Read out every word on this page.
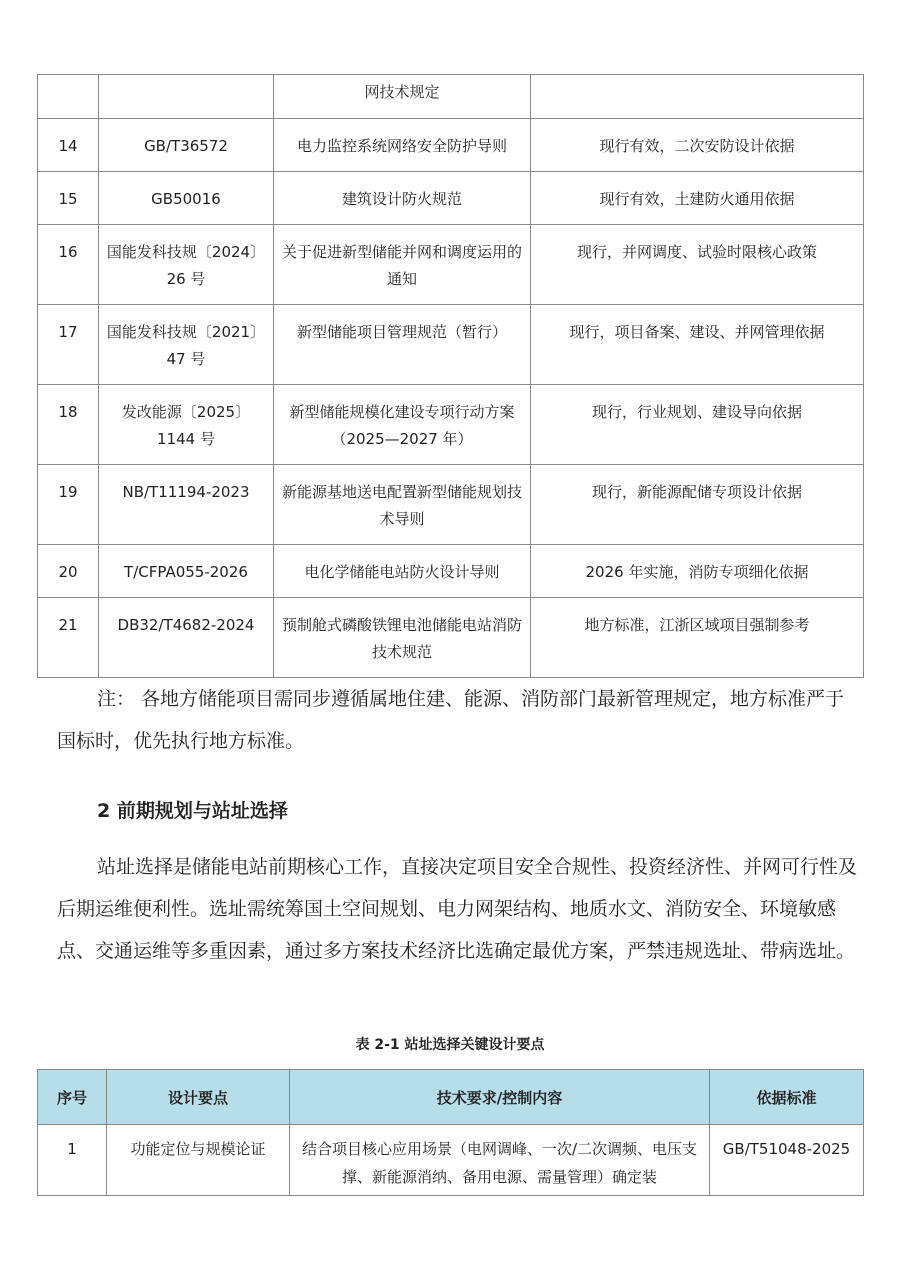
		网技术规定	
14	GB/T36572	电力监控系统网络安全防护导则	现行有效，二次安防设计依据
15	GB50016	建筑设计防火规范	现行有效，土建防火通用依据
16	国能发科技规〔2024〕26 号	关于促进新型储能并网和调度运用的通知	现行，并网调度、试验时限核心政策
17	国能发科技规〔2021〕47 号	新型储能项目管理规范（暂行）	现行，项目备案、建设、并网管理依据
18	发改能源〔2025〕1144 号	新型储能规模化建设专项行动方案（2025—2027 年）	现行，行业规划、建设导向依据
19	NB/T11194-2023	新能源基地送电配置新型储能规划技术导则	现行，新能源配储专项设计依据
20	T/CFPA055-2026	电化学储能电站防火设计导则	2026 年实施，消防专项细化依据
21	DB32/T4682-2024	预制舱式磷酸铁锂电池储能电站消防技术规范	地方标准，江浙区域项目强制参考

注： 各地方储能项目需同步遵循属地住建、能源、消防部门最新管理规定，地方标准严于国标时，优先执行地方标准。

2 前期规划与站址选择

站址选择是储能电站前期核心工作，直接决定项目安全合规性、投资经济性、并网可行性及后期运维便利性。选址需统筹国土空间规划、电力网架结构、地质水文、消防安全、环境敏感点、交通运维等多重因素，通过多方案技术经济比选确定最优方案，严禁违规选址、带病选址。

表 2-1 站址选择关键设计要点
序号	设计要点	技术要求/控制内容	依据标准
1	功能定位与规模论证	结合项目核心应用场景（电网调峰、一次/二次调频、电压支撑、新能源消纳、备用电源、需量管理）确定装	GB/T51048-2025
